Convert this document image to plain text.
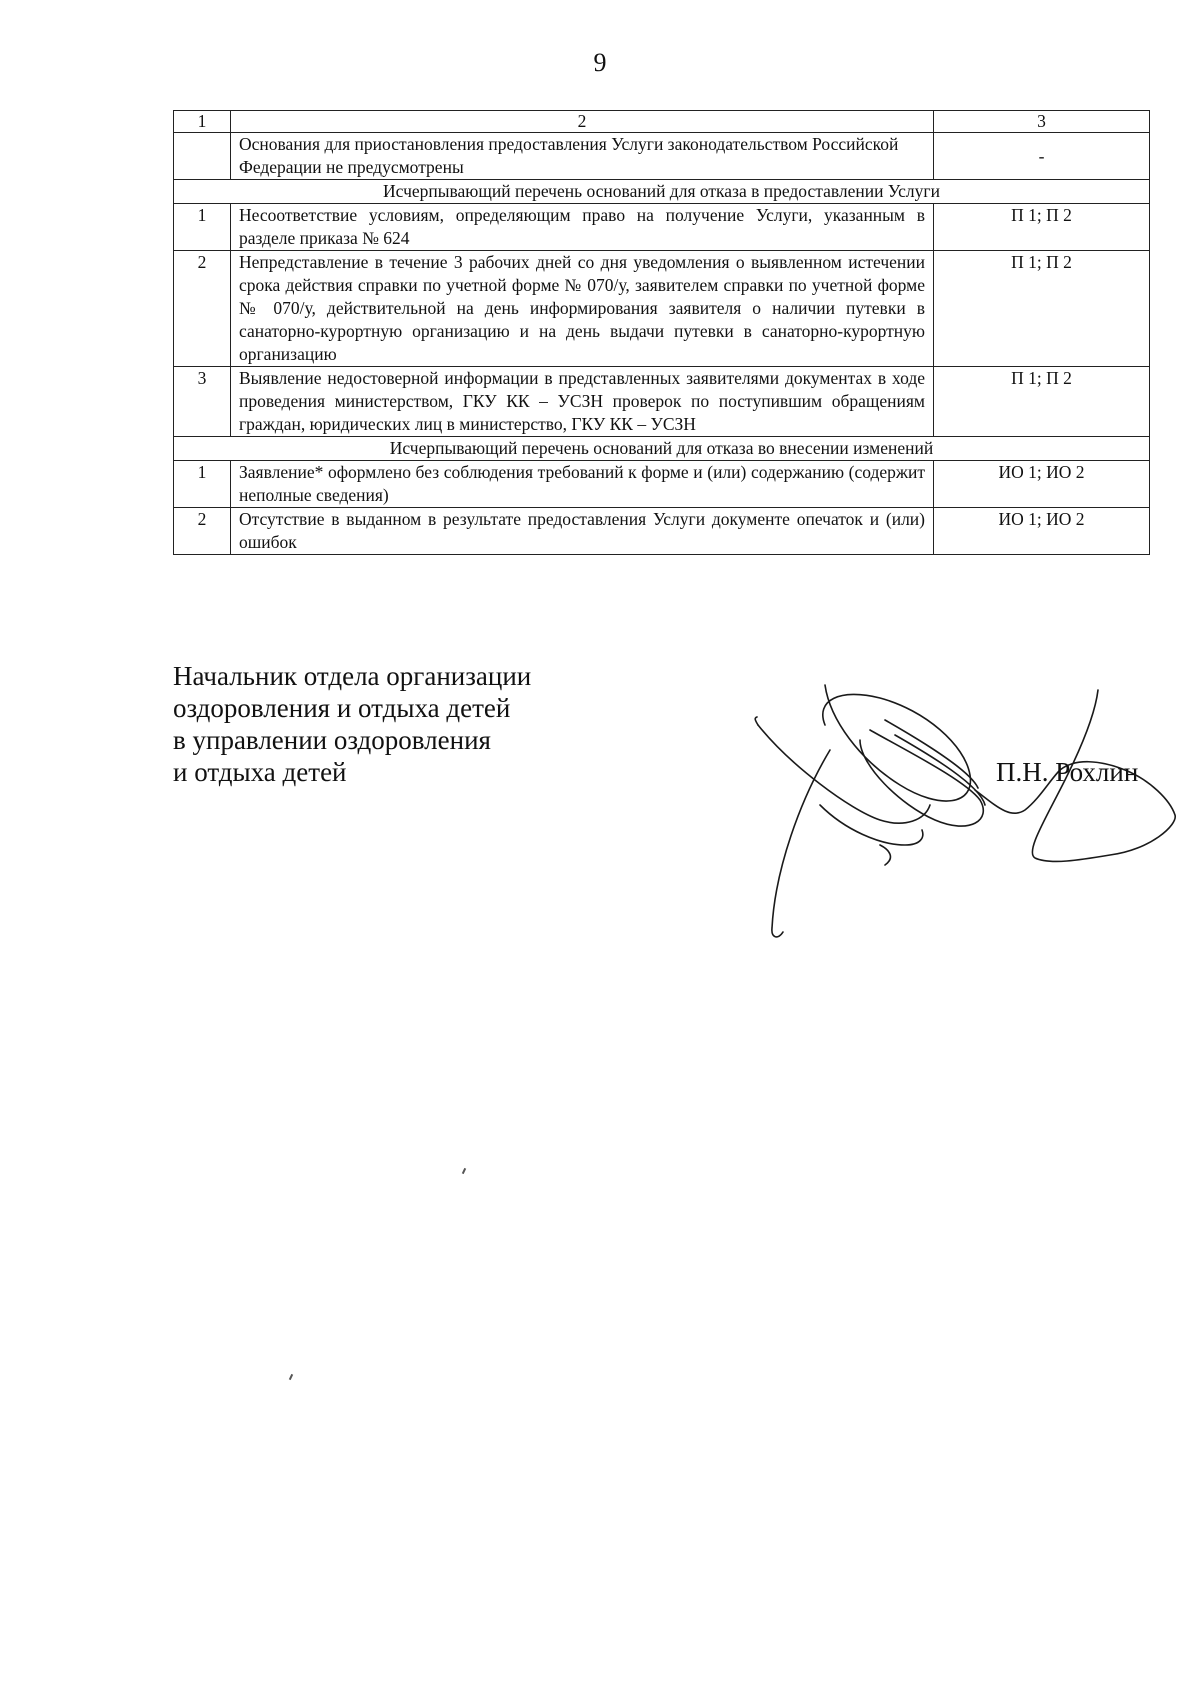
9
1	2	3
	Основания для приостановления предоставления Услуги законодательством Российской Федерации не предусмотрены	-
Исчерпывающий перечень оснований для отказа в предоставлении Услуги		
1	Несоответствие условиям, определяющим право на получение Услуги, указанным в разделе приказа № 624	П 1; П 2
2	Непредставление в течение 3 рабочих дней со дня уведомления о выявленном истечении срока действия справки по учетной форме № 070/у, заявителем справки по учетной форме № 070/у, действительной на день информирования заявителя о наличии путевки в санаторно-курортную организацию и на день выдачи путевки в санаторно-курортную организацию	П 1; П 2
3	Выявление недостоверной информации в представленных заявителями документах в ходе проведения министерством, ГКУ КК – УСЗН проверок по поступившим обращениям граждан, юридических лиц в министерство, ГКУ КК – УСЗН	П 1; П 2
Исчерпывающий перечень оснований для отказа во внесении изменений		
1	Заявление* оформлено без соблюдения требований к форме и (или) содержанию (содержит неполные сведения)	ИО 1; ИО 2
2	Отсутствие в выданном в результате предоставления Услуги документе опечаток и (или) ошибок	ИО 1; ИО 2
Начальник отдела организации
оздоровления и отдыха детей
в управлении оздоровления
и отдыха детей	П.Н. Рохлин
